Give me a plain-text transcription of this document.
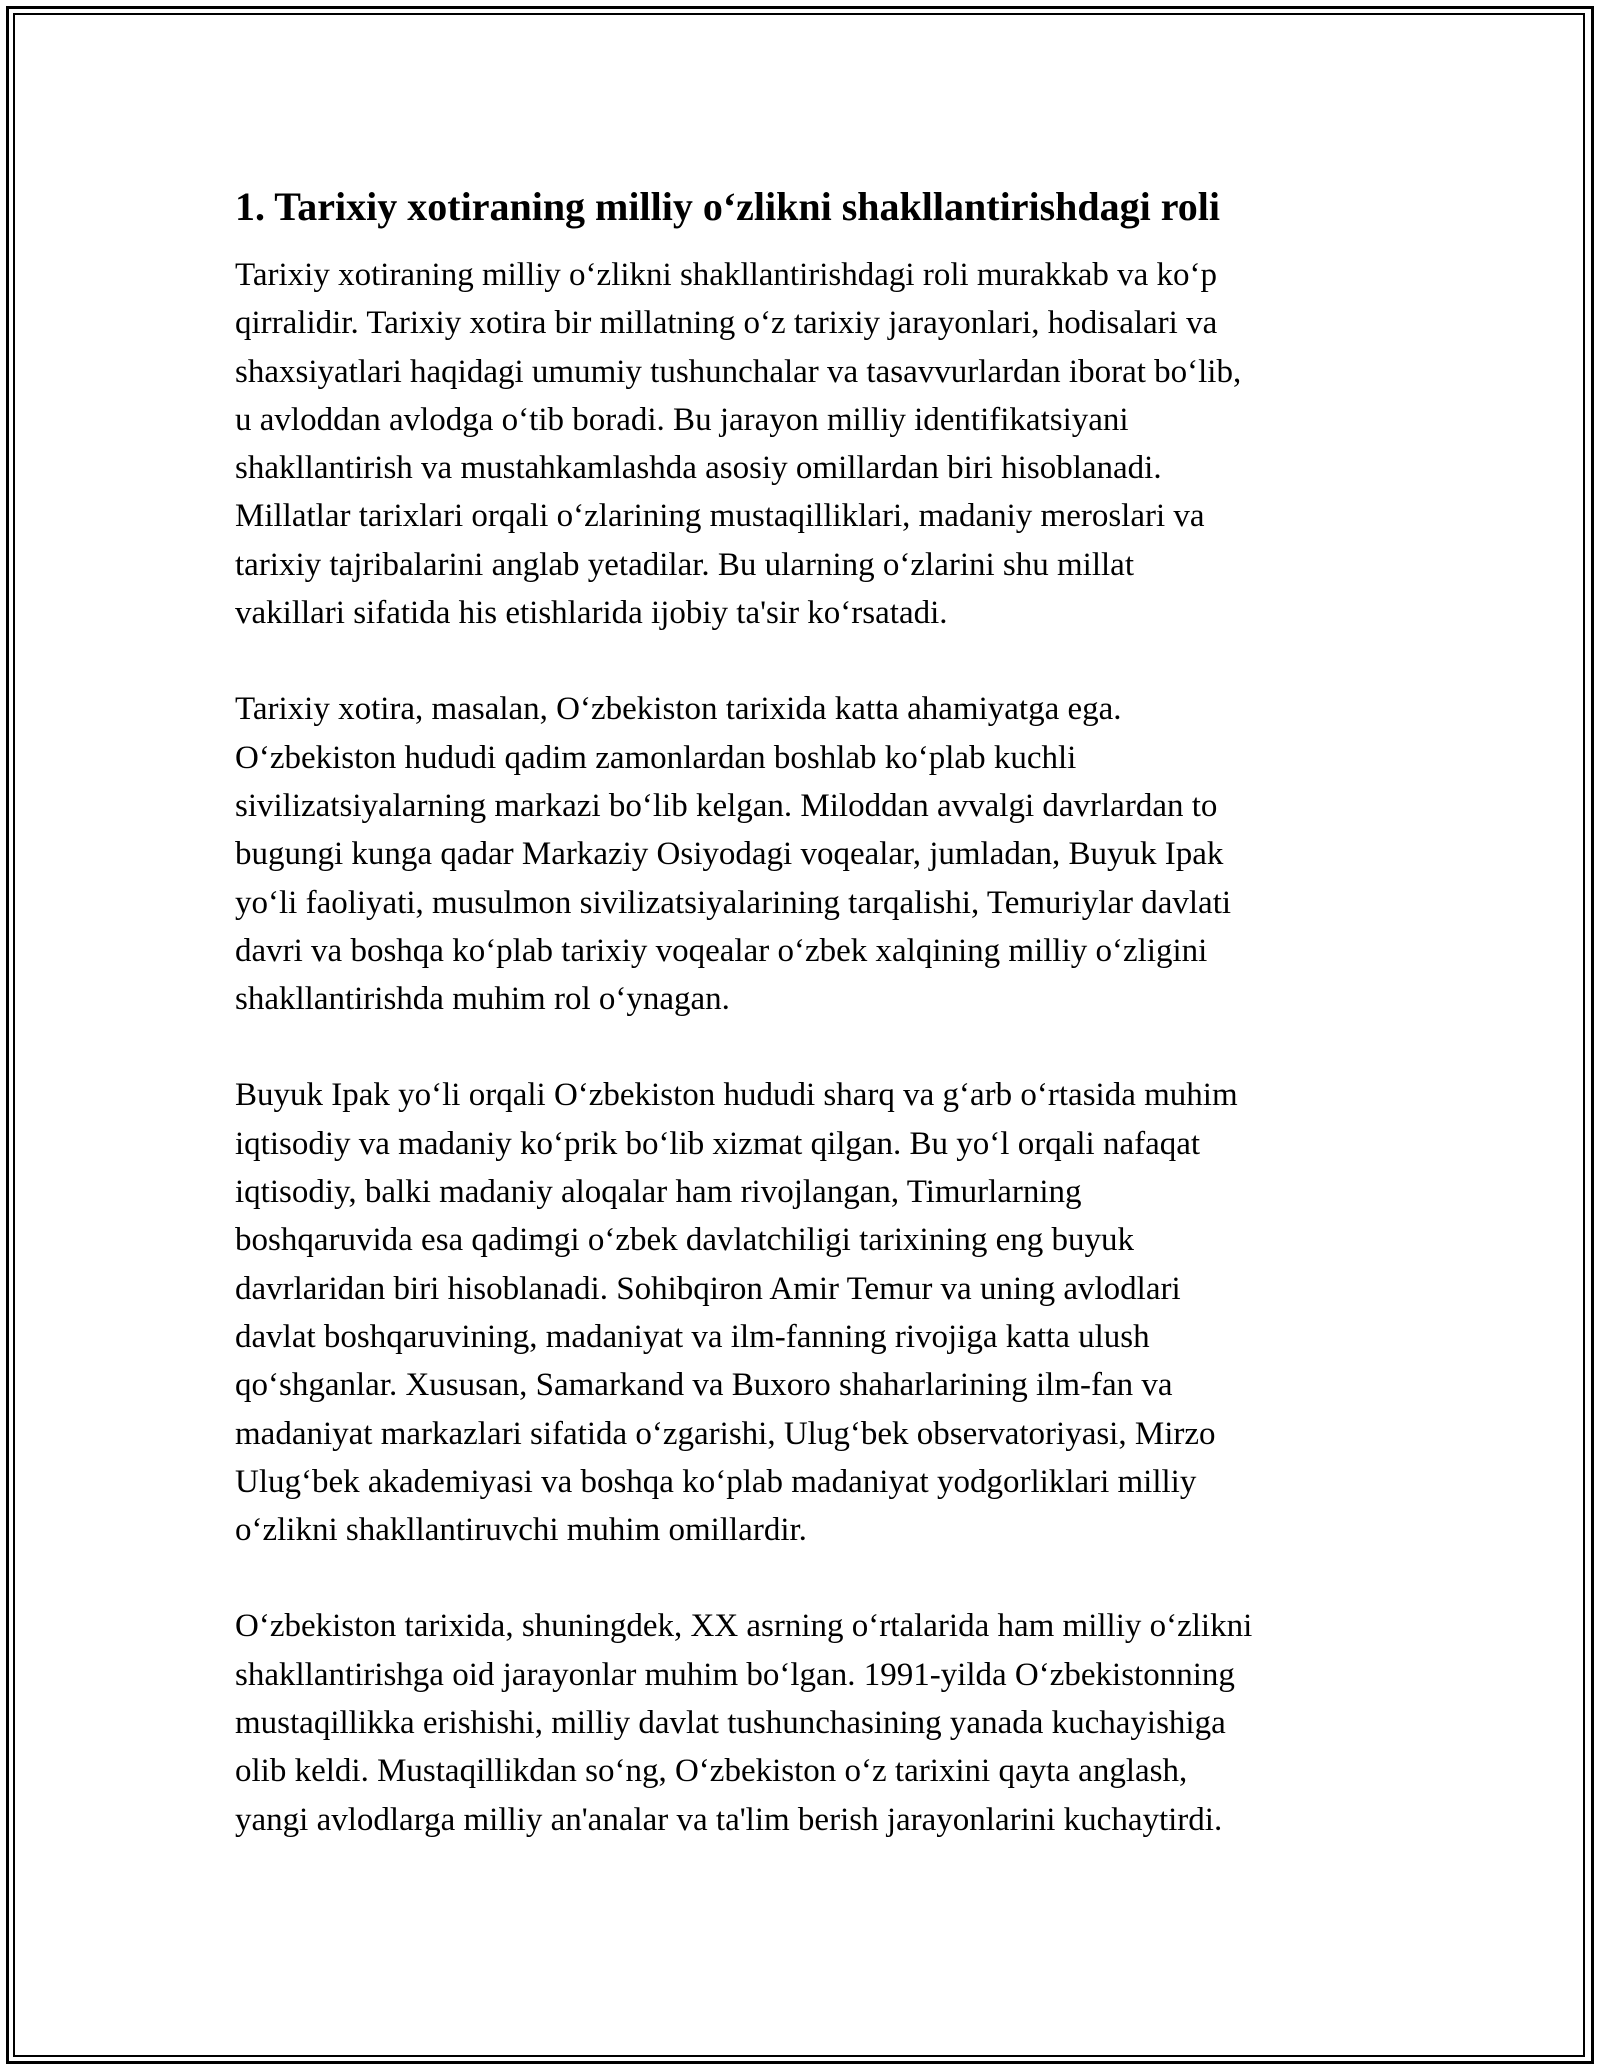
1. Tarixiy xotiraning milliy o‘zlikni shakllantirishdagi roli

Tarixiy xotiraning milliy o‘zlikni shakllantirishdagi roli murakkab va ko‘p
qirralidir. Tarixiy xotira bir millatning o‘z tarixiy jarayonlari, hodisalari va
shaxsiyatlari haqidagi umumiy tushunchalar va tasavvurlardan iborat bo‘lib,
u avloddan avlodga o‘tib boradi. Bu jarayon milliy identifikatsiyani
shakllantirish va mustahkamlashda asosiy omillardan biri hisoblanadi.
Millatlar tarixlari orqali o‘zlarining mustaqilliklari, madaniy meroslari va
tarixiy tajribalarini anglab yetadilar. Bu ularning o‘zlarini shu millat
vakillari sifatida his etishlarida ijobiy ta'sir ko‘rsatadi.

Tarixiy xotira, masalan, O‘zbekiston tarixida katta ahamiyatga ega.
O‘zbekiston hududi qadim zamonlardan boshlab ko‘plab kuchli
sivilizatsiyalarning markazi bo‘lib kelgan. Miloddan avvalgi davrlardan to
bugungi kunga qadar Markaziy Osiyodagi voqealar, jumladan, Buyuk Ipak
yo‘li faoliyati, musulmon sivilizatsiyalarining tarqalishi, Temuriylar davlati
davri va boshqa ko‘plab tarixiy voqealar o‘zbek xalqining milliy o‘zligini
shakllantirishda muhim rol o‘ynagan.

Buyuk Ipak yo‘li orqali O‘zbekiston hududi sharq va g‘arb o‘rtasida muhim
iqtisodiy va madaniy ko‘prik bo‘lib xizmat qilgan. Bu yo‘l orqali nafaqat
iqtisodiy, balki madaniy aloqalar ham rivojlangan, Timurlarning
boshqaruvida esa qadimgi o‘zbek davlatchiligi tarixining eng buyuk
davrlaridan biri hisoblanadi. Sohibqiron Amir Temur va uning avlodlari
davlat boshqaruvining, madaniyat va ilm-fanning rivojiga katta ulush
qo‘shganlar. Xususan, Samarkand va Buxoro shaharlarining ilm-fan va
madaniyat markazlari sifatida o‘zgarishi, Ulug‘bek observatoriyasi, Mirzo
Ulug‘bek akademiyasi va boshqa ko‘plab madaniyat yodgorliklari milliy
o‘zlikni shakllantiruvchi muhim omillardir.

O‘zbekiston tarixida, shuningdek, XX asrning o‘rtalarida ham milliy o‘zlikni
shakllantirishga oid jarayonlar muhim bo‘lgan. 1991-yilda O‘zbekistonning
mustaqillikka erishishi, milliy davlat tushunchasining yanada kuchayishiga
olib keldi. Mustaqillikdan so‘ng, O‘zbekiston o‘z tarixini qayta anglash,
yangi avlodlarga milliy an'analar va ta'lim berish jarayonlarini kuchaytirdi.
